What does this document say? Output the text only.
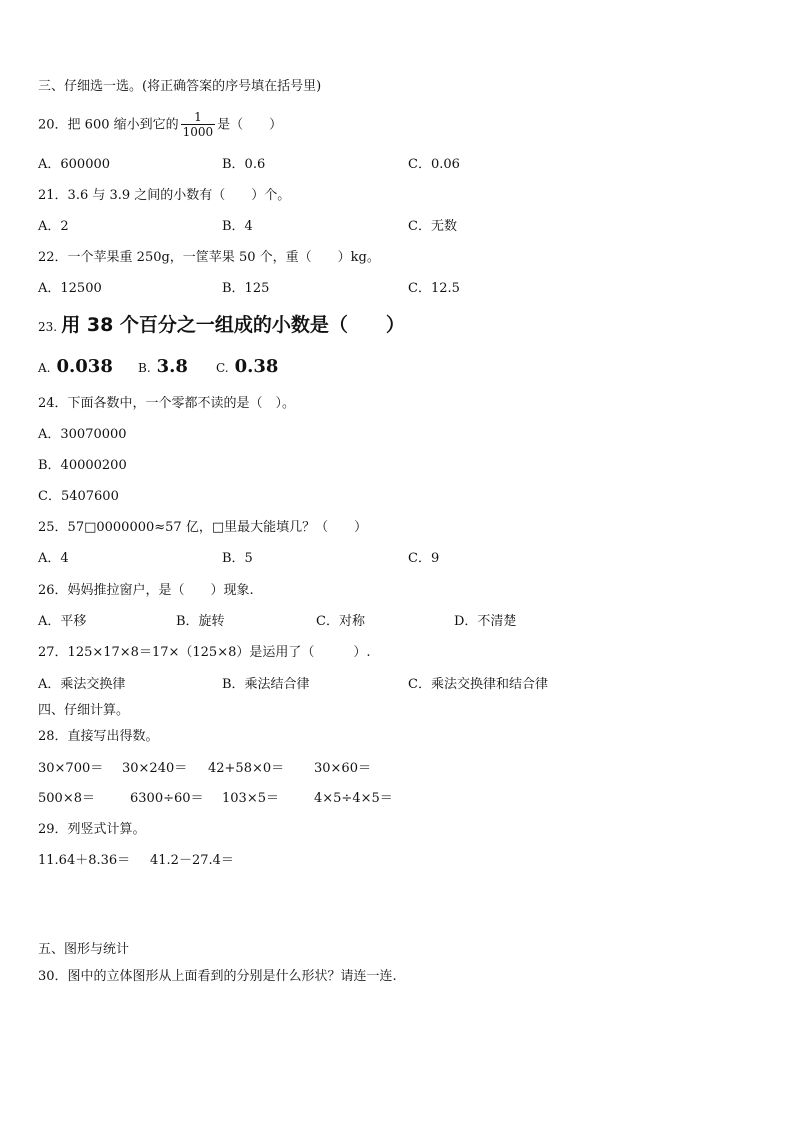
三、仔细选一选。(将正确答案的序号填在括号里)
20．把 600 缩小到它的 $\frac{1}{1000}$ 是（　　）
A．600000	B．0.6	C．0.06
21．3.6 与 3.9 之间的小数有（　　）个。
A．2	B．4	C．无数
22．一个苹果重 250g，一筐苹果 50 个，重（　　）kg。
A．12500	B．125	C．12.5
23. 用 38 个百分之一组成的小数是（　　）
A. 0.038 B. 3.8 C. 0.38
24．下面各数中，一个零都不读的是（　）。
A．30070000
B．40000200
C．5407600
25．57□0000000≈57 亿，□里最大能填几？（　　）
A．4	B．5	C．9
26．妈妈推拉窗户，是（　　）现象.
A．平移	B．旋转	C．对称	D．不清楚
27．125×17×8＝17×（125×8）是运用了（　　　）.
A．乘法交换律	B．乘法结合律	C．乘法交换律和结合律
四、仔细计算。
28．直接写出得数。
30×700＝ 30×240＝ 42+58×0＝ 30×60＝
500×8＝	6300÷60＝ 103×5＝	4×5÷4×5＝
29．列竖式计算。
11.64＋8.36＝ 41.2－27.4＝
五、图形与统计
30．图中的立体图形从上面看到的分别是什么形状？请连一连.
